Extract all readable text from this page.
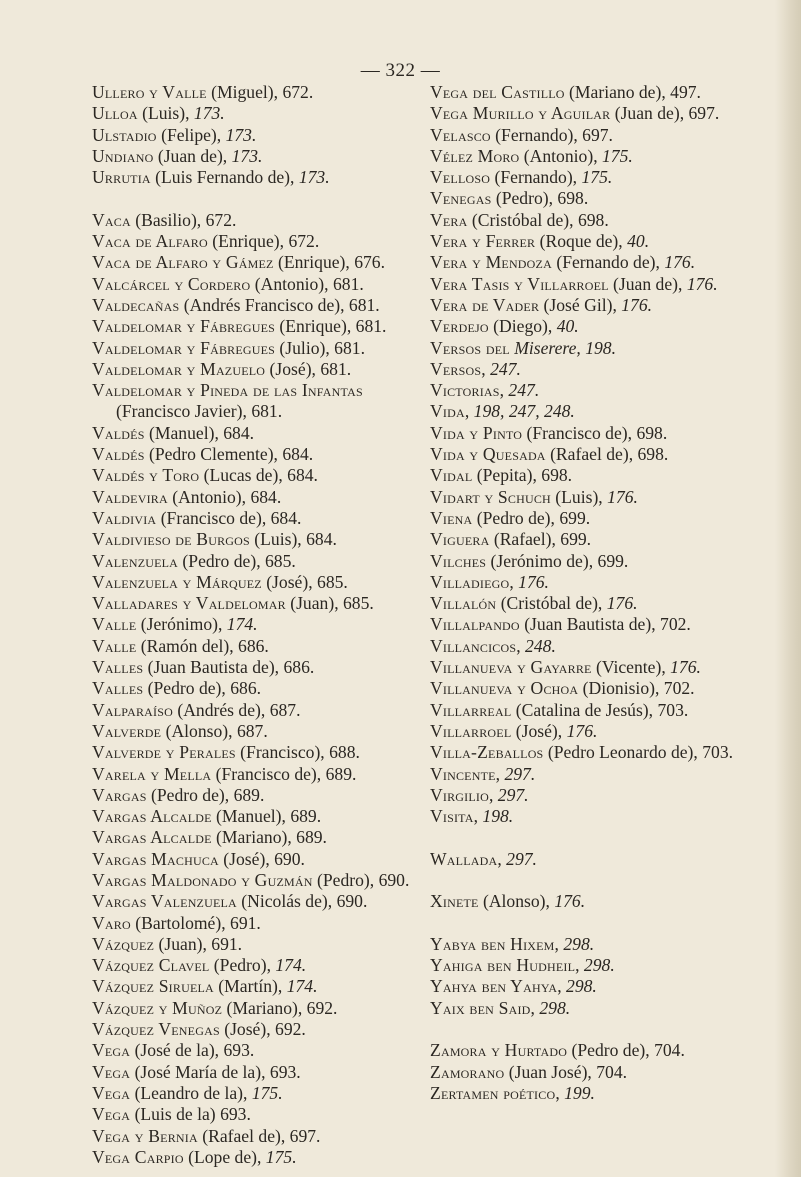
— 322 —
Ullero y Valle (Miguel), 672.
Ulloa (Luis), 173.
Ulstadio (Felipe), 173.
Undiano (Juan de), 173.
Urrutia (Luis Fernando de), 173.
Vaca (Basilio), 672.
Vaca de Alfaro (Enrique), 672.
Vaca de Alfaro y Gámez (Enrique), 676.
Valcárcel y Cordero (Antonio), 681.
Valdecañas (Andrés Francisco de), 681.
Valdelomar y Fábregues (Enrique), 681.
Valdelomar y Fábregues (Julio), 681.
Valdelomar y Mazuelo (José), 681.
Valdelomar y Pineda de las Infantas (Francisco Javier), 681.
Valdés (Manuel), 684.
Valdés (Pedro Clemente), 684.
Valdés y Toro (Lucas de), 684.
Valdevira (Antonio), 684.
Valdivia (Francisco de), 684.
Valdivieso de Burgos (Luis), 684.
Valenzuela (Pedro de), 685.
Valenzuela y Márquez (José), 685.
Valladares y Valdelomar (Juan), 685.
Valle (Jerónimo), 174.
Valle (Ramón del), 686.
Valles (Juan Bautista de), 686.
Valles (Pedro de), 686.
Valparaíso (Andrés de), 687.
Valverde (Alonso), 687.
Valverde y Perales (Francisco), 688.
Varela y Mella (Francisco de), 689.
Vargas (Pedro de), 689.
Vargas Alcalde (Manuel), 689.
Vargas Alcalde (Mariano), 689.
Vargas Machuca (José), 690.
Vargas Maldonado y Guzmán (Pedro), 690.
Vargas Valenzuela (Nicolás de), 690.
Varo (Bartolomé), 691.
Vázquez (Juan), 691.
Vázquez Clavel (Pedro), 174.
Vázquez Siruela (Martín), 174.
Vázquez y Muñoz (Mariano), 692.
Vázquez Venegas (José), 692.
Vega (José de la), 693.
Vega (José María de la), 693.
Vega (Leandro de la), 175.
Vega (Luis de la) 693.
Vega y Bernia (Rafael de), 697.
Vega Carpio (Lope de), 175.
Vega del Castillo (Mariano de), 497.
Vega Murillo y Aguilar (Juan de), 697.
Velasco (Fernando), 697.
Vélez Moro (Antonio), 175.
Velloso (Fernando), 175.
Venegas (Pedro), 698.
Vera (Cristóbal de), 698.
Vera y Ferrer (Roque de), 40.
Vera y Mendoza (Fernando de), 176.
Vera Tasis y Villarroel (Juan de), 176.
Vera de Vader (José Gil), 176.
Verdejo (Diego), 40.
Versos del Miserere, 198.
Versos, 247.
Victorias, 247.
Vida, 198, 247, 248.
Vida y Pinto (Francisco de), 698.
Vida y Quesada (Rafael de), 698.
Vidal (Pepita), 698.
Vidart y Schuch (Luis), 176.
Viena (Pedro de), 699.
Viguera (Rafael), 699.
Vilches (Jerónimo de), 699.
Villadiego, 176.
Villalón (Cristóbal de), 176.
Villalpando (Juan Bautista de), 702.
Villancicos, 248.
Villanueva y Gayarre (Vicente), 176.
Villanueva y Ochoa (Dionisio), 702.
Villarreal (Catalina de Jesús), 703.
Villarroel (José), 176.
Villa-Zeballos (Pedro Leonardo de), 703.
Vincente, 297.
Virgilio, 297.
Visita, 198.
Wallada, 297.
Xinete (Alonso), 176.
Yabya ben Hixem, 298.
Yahiga ben Hudheil, 298.
Yahya ben Yahya, 298.
Yaix ben Said, 298.
Zamora y Hurtado (Pedro de), 704.
Zamorano (Juan José), 704.
Zertamen poético, 199.
